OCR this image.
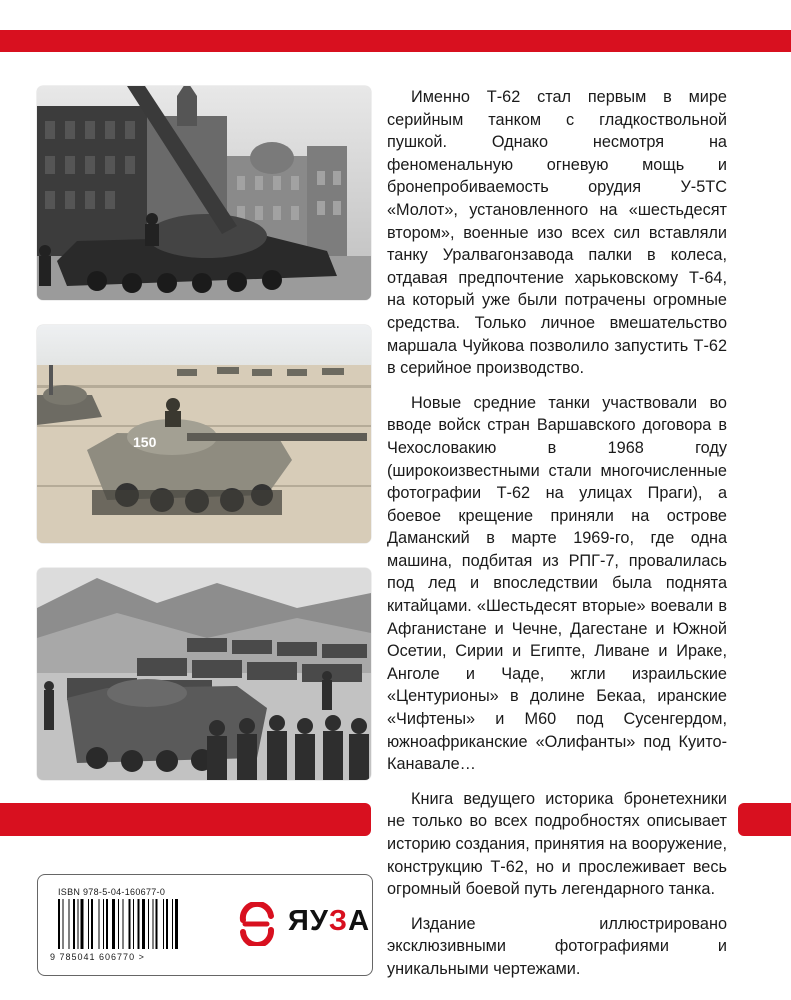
150

Именно Т-62 стал первым в мире серийным танком с гладкоствольной пушкой. Однако несмотря на феноменальную огневую мощь и бронепробиваемость орудия У-5ТС «Молот», установленного на «шестьдесят втором», военные изо всех сил вставляли танку Уралвагонзавода палки в колеса, отдавая предпочтение харьковскому Т-64, на который уже были потрачены огромные средства. Только личное вмешательство маршала Чуйкова позволило запустить Т-62 в серийное производство.

Новые средние танки участвовали во вводе войск стран Варшавского договора в Чехословакию в 1968 году (широкоизвестными стали многочисленные фотографии Т-62 на улицах Праги), а боевое крещение приняли на острове Даманский в марте 1969-го, где одна машина, подбитая из РПГ-7, провалилась под лед и впоследствии была поднята китайцами. «Шестьдесят вторые» воевали в Афганистане и Чечне, Дагестане и Южной Осетии, Сирии и Египте, Ливане и Ираке, Анголе и Чаде, жгли израильские «Центурионы» в долине Бекаа, иранские «Чифтены» и М60 под Сусенгердом, южноафриканские «Олифанты» под Куито-Канавале…

Книга ведущего историка бронетехники не только во всех подробностях описывает историю создания, принятия на вооружение, конструкцию Т-62, но и прослеживает весь огромный боевой путь легендарного танка.

Издание иллюстрировано эксклюзивными фотографиями и уникальными чертежами.

ISBN 978-5-04-160677-0
9 785041 606770 >
ЯУЗА
